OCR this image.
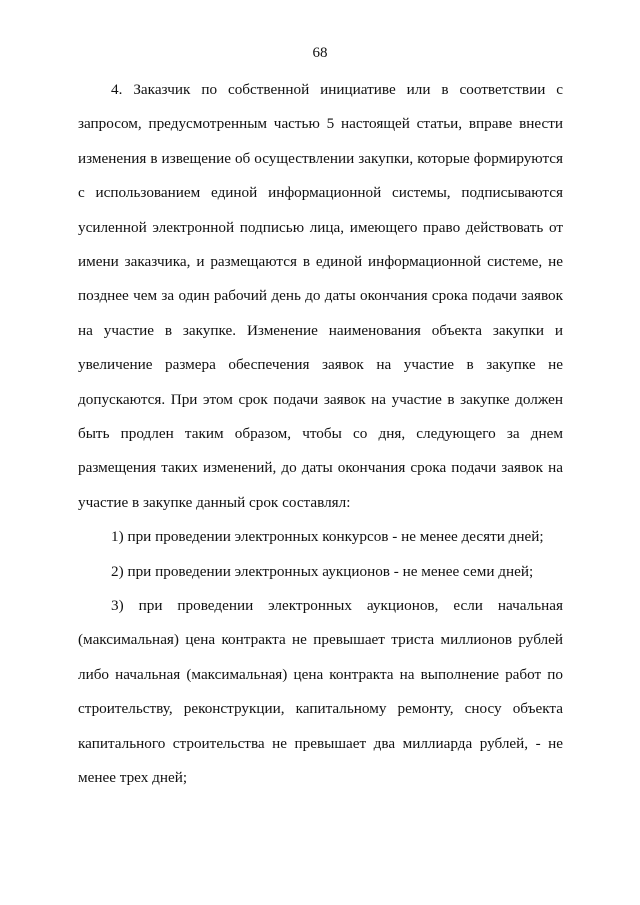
68
4. Заказчик по собственной инициативе или в соответствии с
запросом, предусмотренным частью 5 настоящей статьи, вправе внести
изменения в извещение об осуществлении закупки, которые формируются
с использованием единой информационной системы, подписываются
усиленной электронной подписью лица, имеющего право действовать от
имени заказчика, и размещаются в единой информационной системе, не
позднее чем за один рабочий день до даты окончания срока подачи заявок
на участие в закупке. Изменение наименования объекта закупки и
увеличение размера обеспечения заявок на участие в закупке не
допускаются. При этом срок подачи заявок на участие в закупке должен
быть продлен таким образом, чтобы со дня, следующего за днем
размещения таких изменений, до даты окончания срока подачи заявок на
участие в закупке данный срок составлял:
1) при проведении электронных конкурсов - не менее десяти дней;
2) при проведении электронных аукционов - не менее семи дней;
3) при проведении электронных аукционов, если начальная
(максимальная) цена контракта не превышает триста миллионов рублей
либо начальная (максимальная) цена контракта на выполнение работ по
строительству, реконструкции, капитальному ремонту, сносу объекта
капитального строительства не превышает два миллиарда рублей, - не
менее трех дней;
